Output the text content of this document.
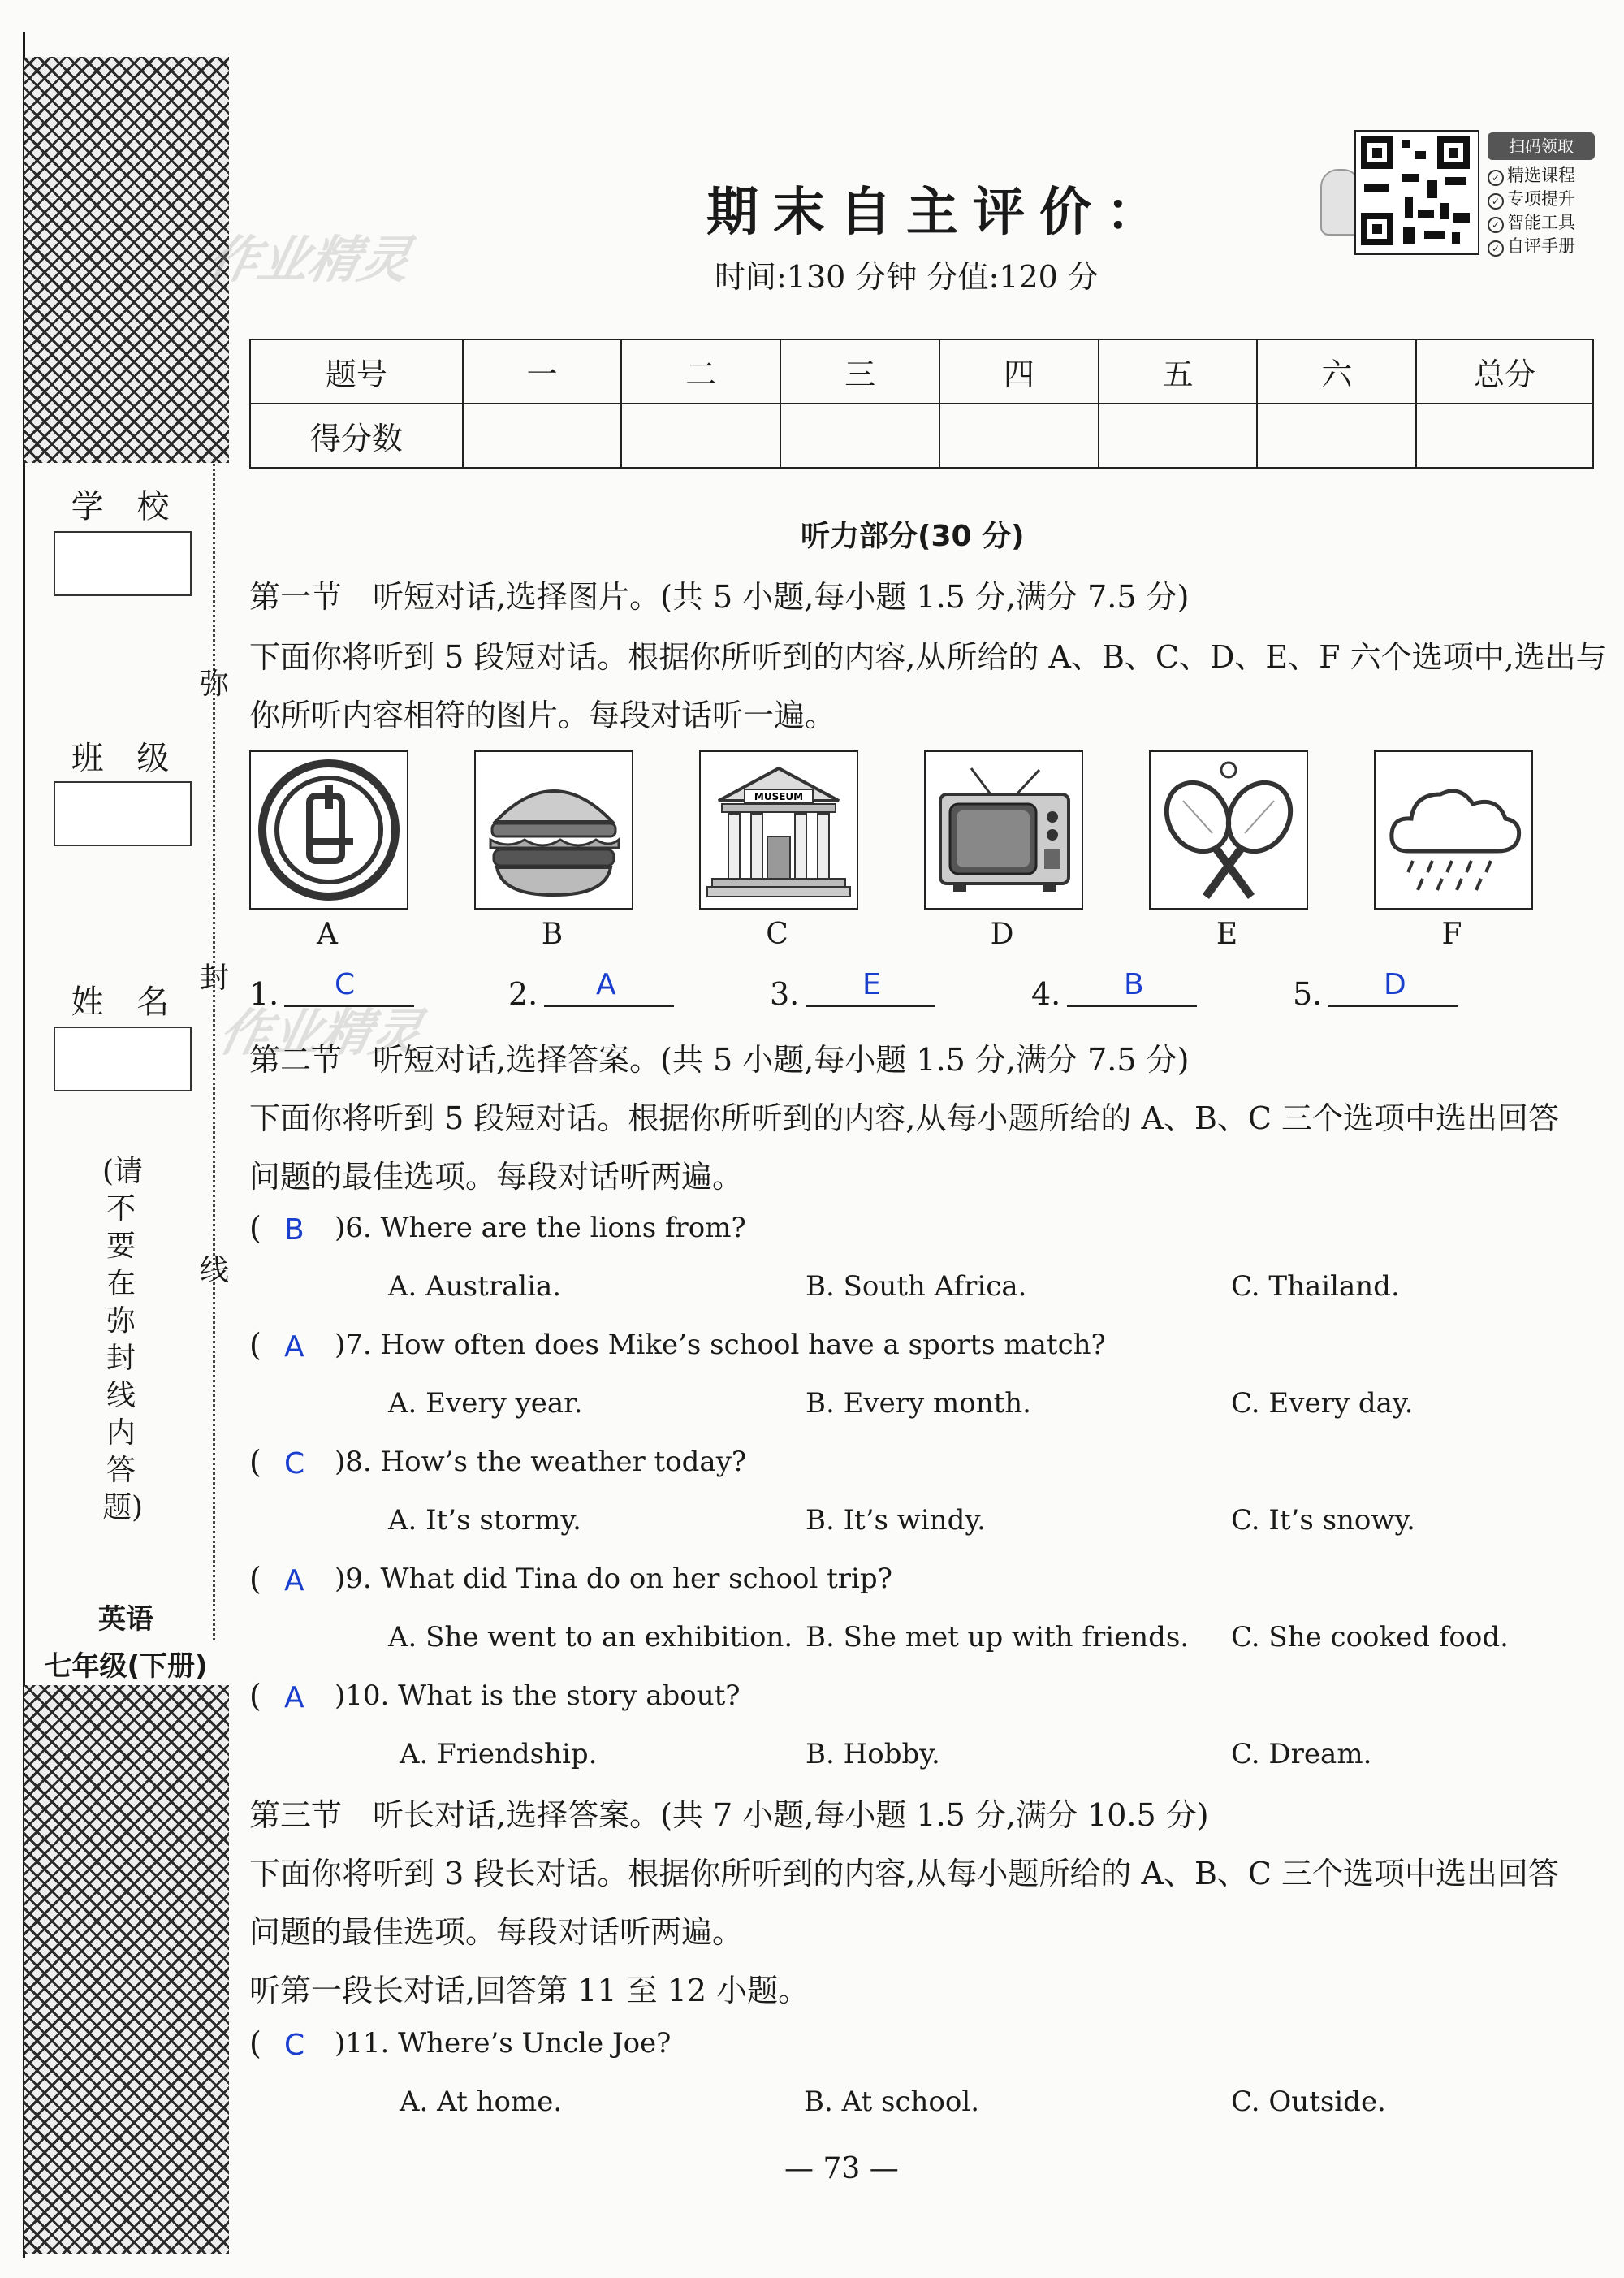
学 校
班 级
姓 名
弥
封
线
(请不要在弥封线内答题)
英语
七年级(下册)
作业精灵
作业精灵
期末自主评价：
时间:130 分钟 分值:120 分
扫码领取
✓ 精选课程
✓ 专项提升
✓ 智能工具
✓ 自评手册
题号	一	二	三	四	五	六	总分
得分数							
听力部分(30 分)
第一节　听短对话,选择图片。(共 5 小题,每小题 1.5 分,满分 7.5 分)
下面你将听到 5 段短对话。根据你所听到的内容,从所给的 A、B、C、D、E、F 六个选项中,选出与
你所听内容相符的图片。每段对话听一遍。
MUSEUM
A	B	C	D	E	F
1. C	2. A	3. E	4. B	5. D
第二节　听短对话,选择答案。(共 5 小题,每小题 1.5 分,满分 7.5 分)
下面你将听到 5 段短对话。根据你所听到的内容,从每小题所给的 A、B、C 三个选项中选出回答
问题的最佳选项。每段对话听两遍。
( B )6. Where are the lions from?
A. Australia.	B. South Africa.	C. Thailand.
( A )7. How often does Mike’s school have a sports match?
A. Every year.	B. Every month.	C. Every day.
( C )8. How’s the weather today?
A. It’s stormy.	B. It’s windy.	C. It’s snowy.
( A )9. What did Tina do on her school trip?
A. She went to an exhibition. B. She met up with friends. C. She cooked food.
( A )10. What is the story about?
A. Friendship.	B. Hobby.	C. Dream.
第三节　听长对话,选择答案。(共 7 小题,每小题 1.5 分,满分 10.5 分)
下面你将听到 3 段长对话。根据你所听到的内容,从每小题所给的 A、B、C 三个选项中选出回答
问题的最佳选项。每段对话听两遍。
听第一段长对话,回答第 11 至 12 小题。
( C )11. Where’s Uncle Joe?
A. At home.	B. At school.	C. Outside.
— 73 —
